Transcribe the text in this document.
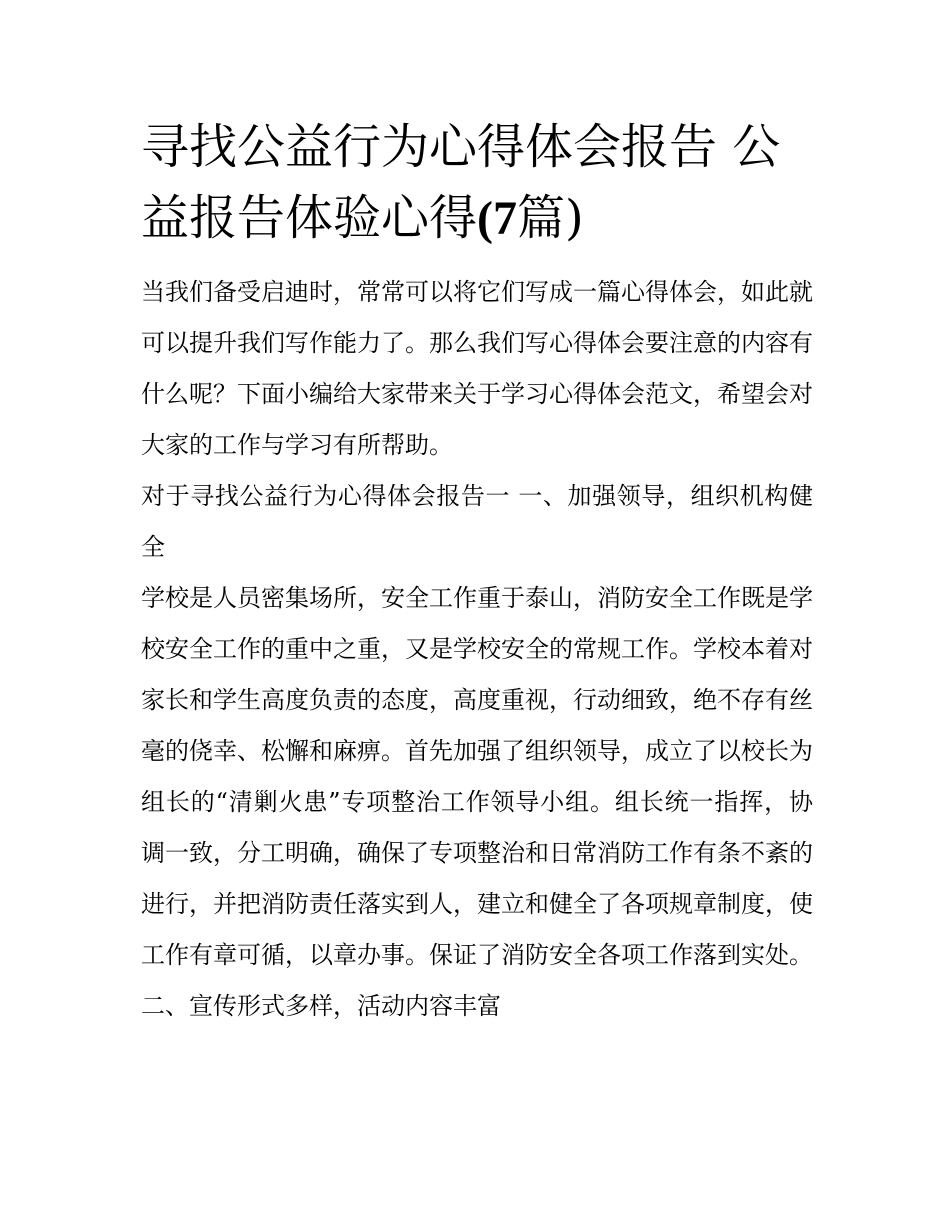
寻找公益行为心得体会报告 公益报告体验心得(7篇)

当我们备受启迪时，常常可以将它们写成一篇心得体会，如此就可以提升我们写作能力了。那么我们写心得体会要注意的内容有什么呢？下面小编给大家带来关于学习心得体会范文，希望会对大家的工作与学习有所帮助。

对于寻找公益行为心得体会报告一 一、加强领导，组织机构健全

学校是人员密集场所，安全工作重于泰山，消防安全工作既是学校安全工作的重中之重，又是学校安全的常规工作。学校本着对家长和学生高度负责的态度，高度重视，行动细致，绝不存有丝毫的侥幸、松懈和麻痹。首先加强了组织领导，成立了以校长为组长的“清剿火患”专项整治工作领导小组。组长统一指挥，协调一致，分工明确，确保了专项整治和日常消防工作有条不紊的进行，并把消防责任落实到人，建立和健全了各项规章制度，使工作有章可循，以章办事。保证了消防安全各项工作落到实处。

二、宣传形式多样，活动内容丰富
